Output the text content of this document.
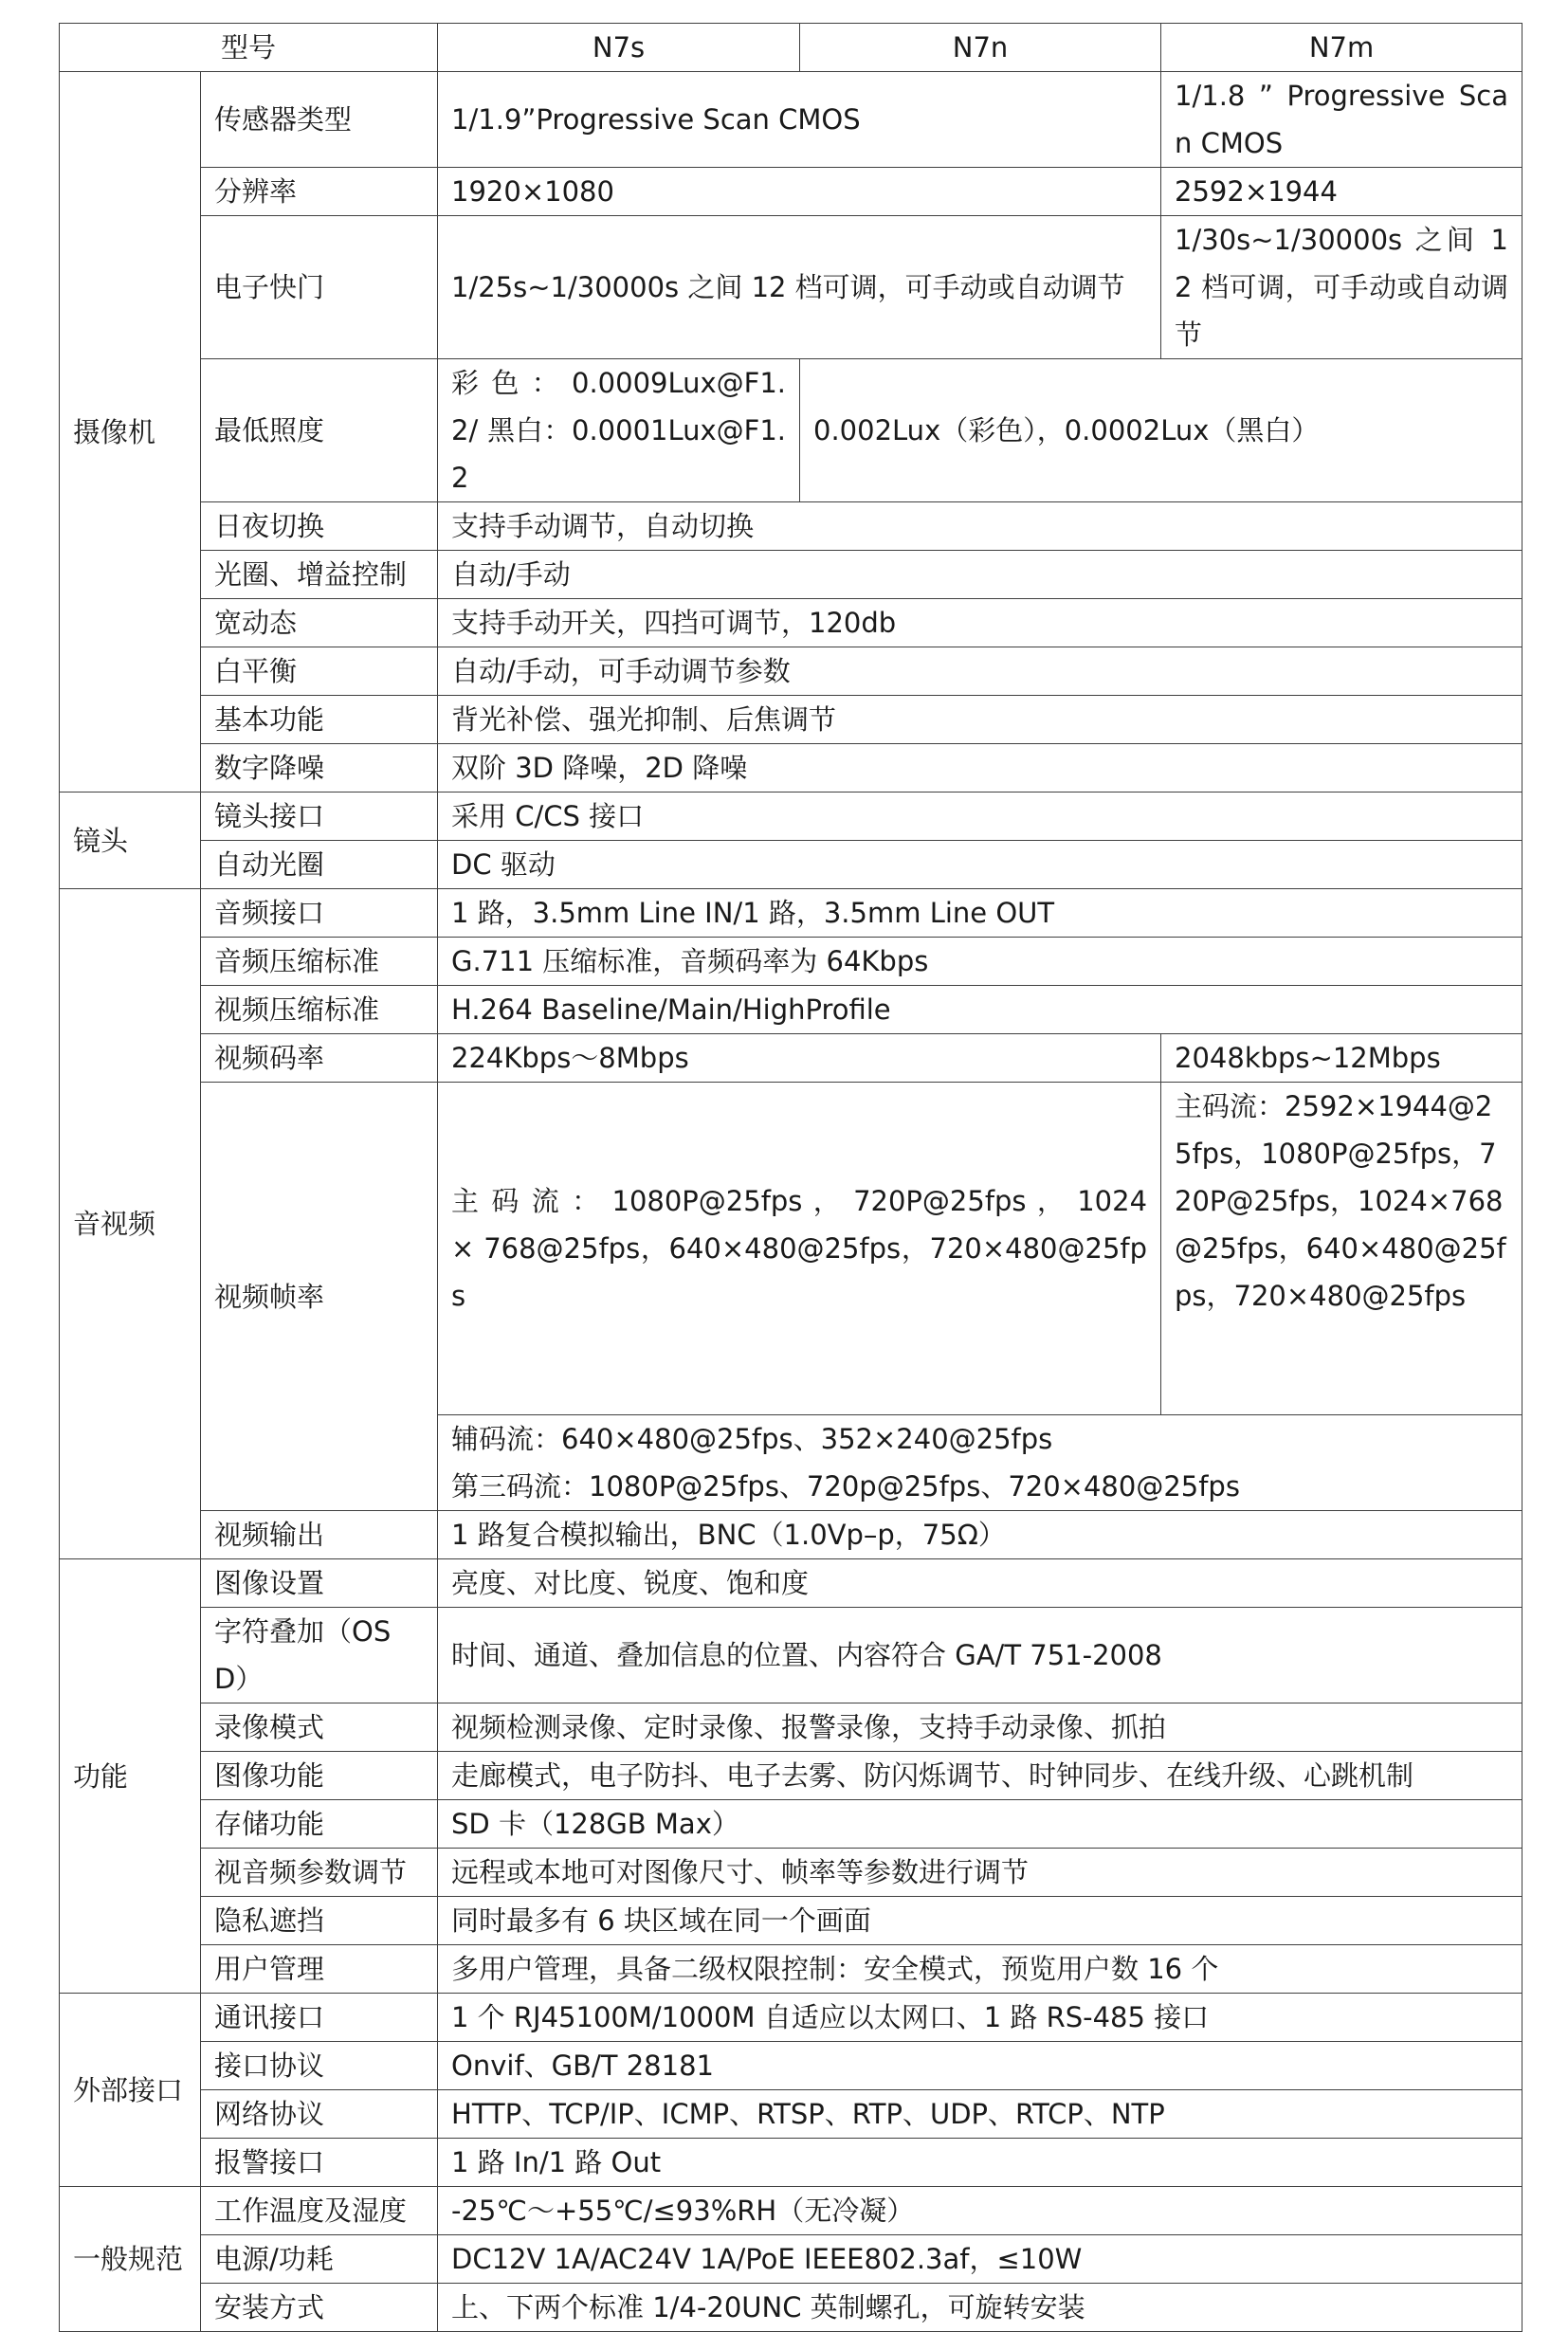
型号		N7s	N7n	N7m
摄像机	传感器类型	1/1.9”Progressive Scan CMOS		1/1.8 ” Progressive Scan CMOS
	分辨率	1920×1080		2592×1944
	电子快门	1/25s~1/30000s 之间 12 档可调，可手动或自动调节		1/30s~1/30000s 之间 12 档可调，可手动或自动调节
	最低照度	彩 色 ： 0.0009Lux@F1.2/ 黑白：0.0001Lux@F1.2	0.002Lux（彩色），0.0002Lux（黑白）	
	日夜切换	支持手动调节，自动切换		
	光圈、增益控制	自动/手动		
	宽动态	支持手动开关，四挡可调节，120db		
	白平衡	自动/手动，可手动调节参数		
	基本功能	背光补偿、强光抑制、后焦调节		
	数字降噪	双阶 3D 降噪，2D 降噪		
镜头	镜头接口	采用 C/CS 接口		
	自动光圈	DC 驱动		
音视频	音频接口	1 路，3.5mm Line IN/1 路，3.5mm Line OUT		
	音频压缩标准	G.711 压缩标准，音频码率为 64Kbps		
	视频压缩标准	H.264 Baseline/Main/HighProfile		
	视频码率	224Kbps～8Mbps		2048kbps~12Mbps
	视频帧率	主 码 流 ： 1080P@25fps ， 720P@25fps ， 1024 × 768@25fps，640×480@25fps，720×480@25fps		主码流：2592×1944@25fps，1080P@25fps，720P@25fps，1024×768@25fps，640×480@25fps，720×480@25fps

		辅码流：640×480@25fps、352×240@25fps
第三码流：1080P@25fps、720p@25fps、720×480@25fps		

	视频输出	1 路复合模拟输出，BNC（1.0Vp–p，75Ω）		
功能	图像设置	亮度、对比度、锐度、饱和度		
	字符叠加（OSD）	时间、通道、叠加信息的位置、内容符合 GA/T 751-2008		
	录像模式	视频检测录像、定时录像、报警录像，支持手动录像、抓拍		
	图像功能	走廊模式，电子防抖、电子去雾、防闪烁调节、时钟同步、在线升级、心跳机制		
	存储功能	SD 卡（128GB Max）		
	视音频参数调节	远程或本地可对图像尺寸、帧率等参数进行调节		
	隐私遮挡	同时最多有 6 块区域在同一个画面		
	用户管理	多用户管理，具备二级权限控制：安全模式，预览用户数 16 个		
外部接口	通讯接口	1 个 RJ45100M/1000M 自适应以太网口、1 路 RS-485 接口		
	接口协议	Onvif、GB/T 28181		
	网络协议	HTTP、TCP/IP、ICMP、RTSP、RTP、UDP、RTCP、NTP		
	报警接口	1 路 In/1 路 Out		
一般规范	工作温度及湿度	-25℃～+55℃/≤93%RH（无冷凝）		
	电源/功耗	DC12V 1A/AC24V 1A/PoE IEEE802.3af，≤10W		
	安装方式	上、下两个标准 1/4-20UNC 英制螺孔，可旋转安装		
